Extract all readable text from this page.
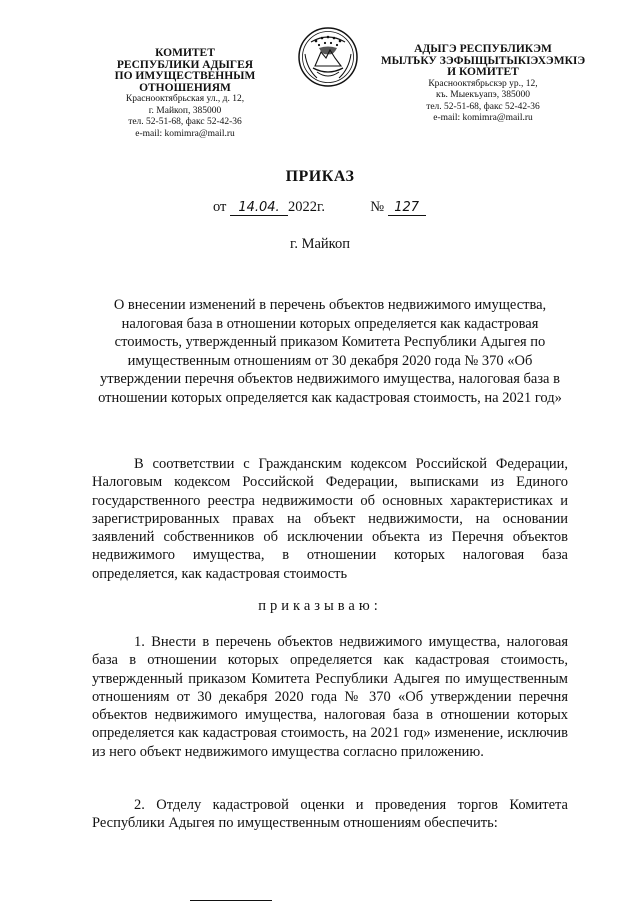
КОМИТЕТ
РЕСПУБЛИКИ АДЫГЕЯ
ПО ИМУЩЕСТВЕННЫМ ОТНОШЕНИЯМ
Краснооктябрьская ул., д. 12,
г. Майкоп, 385000
тел. 52-51-68, факс 52-42-36
e-mail: komimra@mail.ru
АДЫГЭ РЕСПУБЛИКЭМ
МЫЛЪКУ ЗЭФЫЩЫТЫКІЭХЭМКІЭ
И КОМИТЕТ
Краснооктябрьскэр ур., 12,
къ. Мыекъуапэ, 385000
тел. 52-51-68, факс 52-42-36
e-mail: komimra@mail.ru
ПРИКАЗ
от 14.04. 2022г.	№ 127
г. Майкоп
О внесении изменений в перечень объектов недвижимого имущества, налоговая база в отношении которых определяется как кадастровая стоимость, утвержденный приказом Комитета Республики Адыгея по имущественным отношениям от 30 декабря 2020 года № 370 «Об утверждении перечня объектов недвижимого имущества, налоговая база в отношении которых определяется как кадастровая стоимость, на 2021 год»
В соответствии с Гражданским кодексом Российской Федерации, Налоговым кодексом Российской Федерации, выписками из Единого государственного реестра недвижимости об основных характеристиках и зарегистрированных правах на объект недвижимости, на основании заявлений собственников об исключении объекта из Перечня объектов недвижимого имущества, в отношении которых налоговая база определяется, как кадастровая стоимость
приказываю:
1. Внести в перечень объектов недвижимого имущества, налоговая база в отношении которых определяется как кадастровая стоимость, утвержденный приказом Комитета Республики Адыгея по имущественным отношениям от 30 декабря 2020 года № 370 «Об утверждении перечня объектов недвижимого имущества, налоговая база в отношении которых определяется как кадастровая стоимость, на 2021 год» изменение, исключив из него объект недвижимого имущества согласно приложению.
2. Отделу кадастровой оценки и проведения торгов Комитета Республики Адыгея по имущественным отношениям обеспечить:
